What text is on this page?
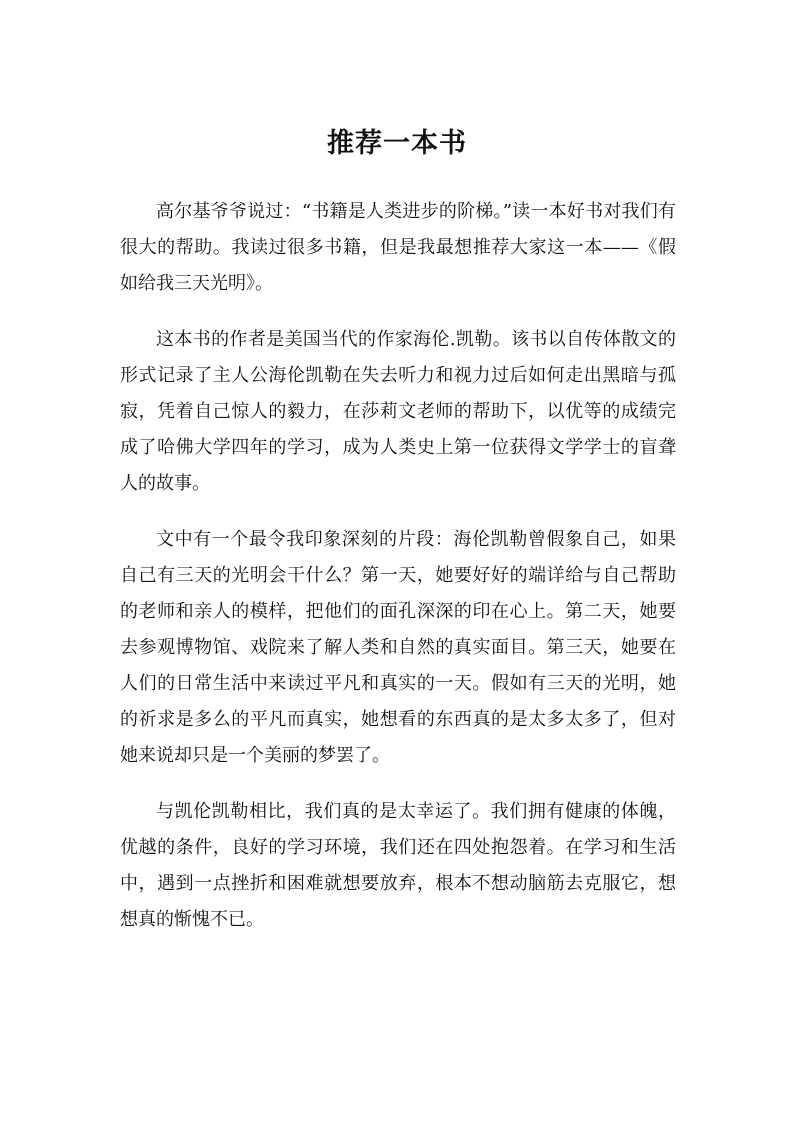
推荐一本书

高尔基爷爷说过：“书籍是人类进步的阶梯。”读一本好书对我们有很大的帮助。我读过很多书籍，但是我最想推荐大家这一本——《假如给我三天光明》。

这本书的作者是美国当代的作家海伦.凯勒。该书以自传体散文的形式记录了主人公海伦凯勒在失去听力和视力过后如何走出黑暗与孤寂，凭着自己惊人的毅力，在莎莉文老师的帮助下，以优等的成绩完成了哈佛大学四年的学习，成为人类史上第一位获得文学学士的盲聋人的故事。

文中有一个最令我印象深刻的片段：海伦凯勒曾假象自己，如果自己有三天的光明会干什么？第一天，她要好好的端详给与自己帮助的老师和亲人的模样，把他们的面孔深深的印在心上。第二天，她要去参观博物馆、戏院来了解人类和自然的真实面目。第三天，她要在人们的日常生活中来读过平凡和真实的一天。假如有三天的光明，她的祈求是多么的平凡而真实，她想看的东西真的是太多太多了，但对她来说却只是一个美丽的梦罢了。

与凯伦凯勒相比，我们真的是太幸运了。我们拥有健康的体魄，优越的条件，良好的学习环境，我们还在四处抱怨着。在学习和生活中，遇到一点挫折和困难就想要放弃，根本不想动脑筋去克服它，想想真的惭愧不已。
